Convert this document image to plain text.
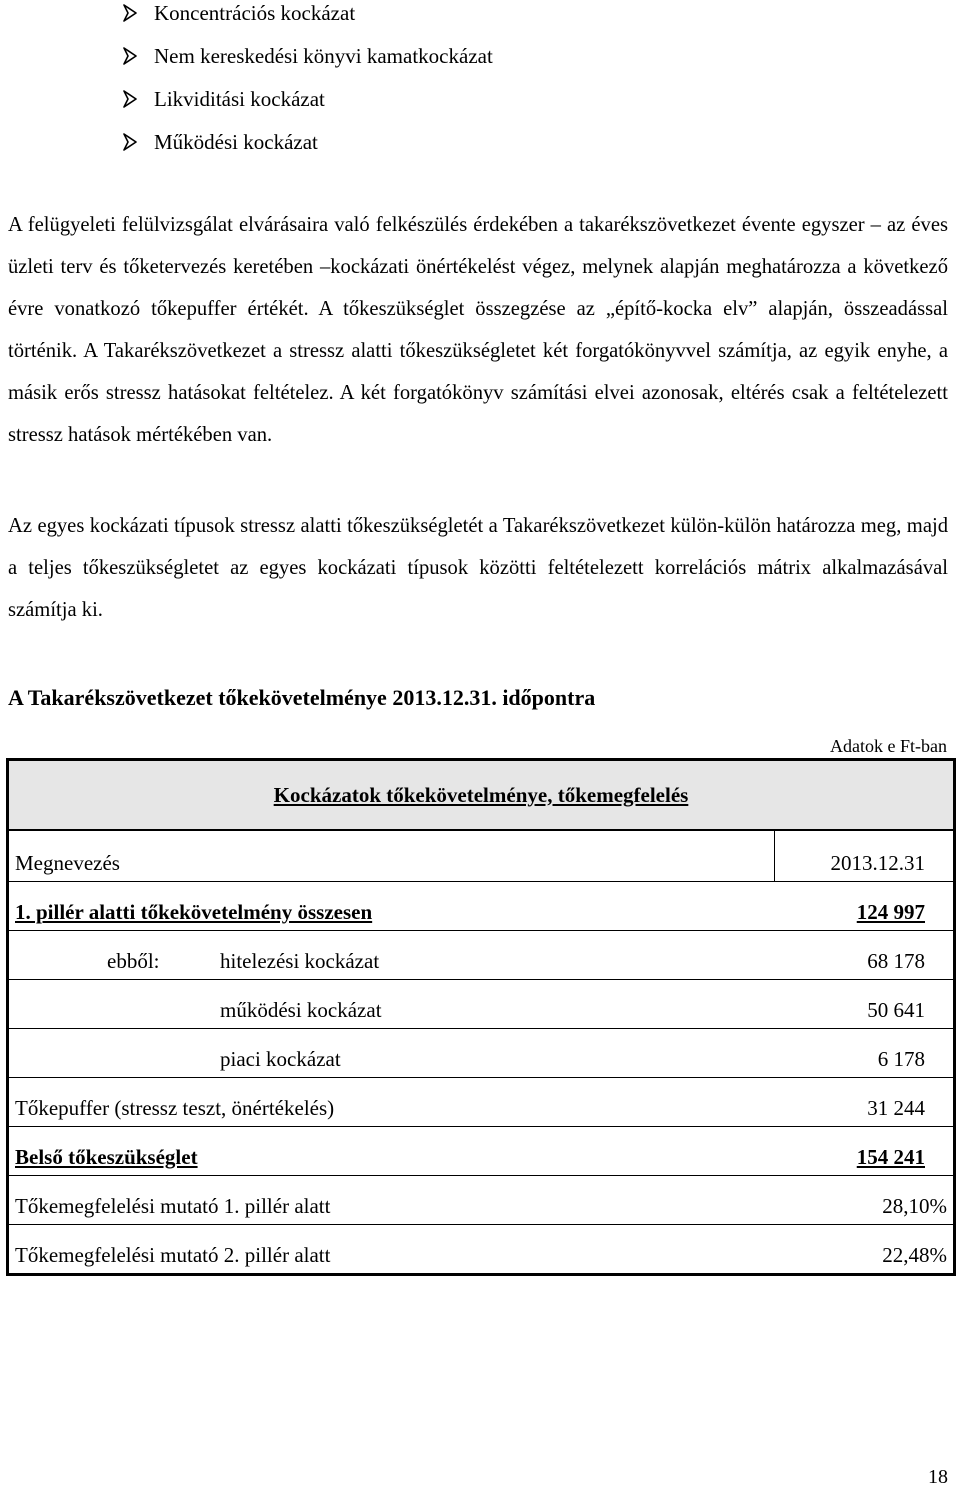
Koncentrációs kockázat
Nem kereskedési könyvi kamatkockázat
Likviditási kockázat
Működési kockázat

A felügyeleti felülvizsgálat elvárásaira való felkészülés érdekében a takarékszövetkezet évente egyszer – az éves üzleti terv és tőketervezés keretében –kockázati önértékelést végez, melynek alapján meghatározza a következő évre vonatkozó tőkepuffer értékét. A tőkeszükséglet összegzése az „építő-kocka elv” alapján, összeadással történik. A Takarékszövetkezet a stressz alatti tőkeszükségletet két forgatókönyvvel számítja, az egyik enyhe, a másik erős stressz hatásokat feltételez. A két forgatókönyv számítási elvei azonosak, eltérés csak a feltételezett stressz hatások mértékében van.

Az egyes kockázati típusok stressz alatti tőkeszükségletét a Takarékszövetkezet külön-külön határozza meg, majd a teljes tőkeszükségletet az egyes kockázati típusok közötti feltételezett korrelációs mátrix alkalmazásával számítja ki.

A Takarékszövetkezet tőkekövetelménye 2013.12.31. időpontra
Adatok e Ft-ban
Kockázatok tőkekövetelménye, tőkemegfelelés
Megnevezés	2013.12.31
1. pillér alatti tőkekövetelmény összesen	124 997
ebből:	hitelezési kockázat	68 178
működési kockázat	50 641
piaci kockázat	6 178
Tőkepuffer (stressz teszt, önértékelés)	31 244
Belső tőkeszükséglet	154 241
Tőkemegfelelési mutató 1. pillér alatt	28,10%
Tőkemegfelelési mutató 2. pillér alatt	22,48%
18
